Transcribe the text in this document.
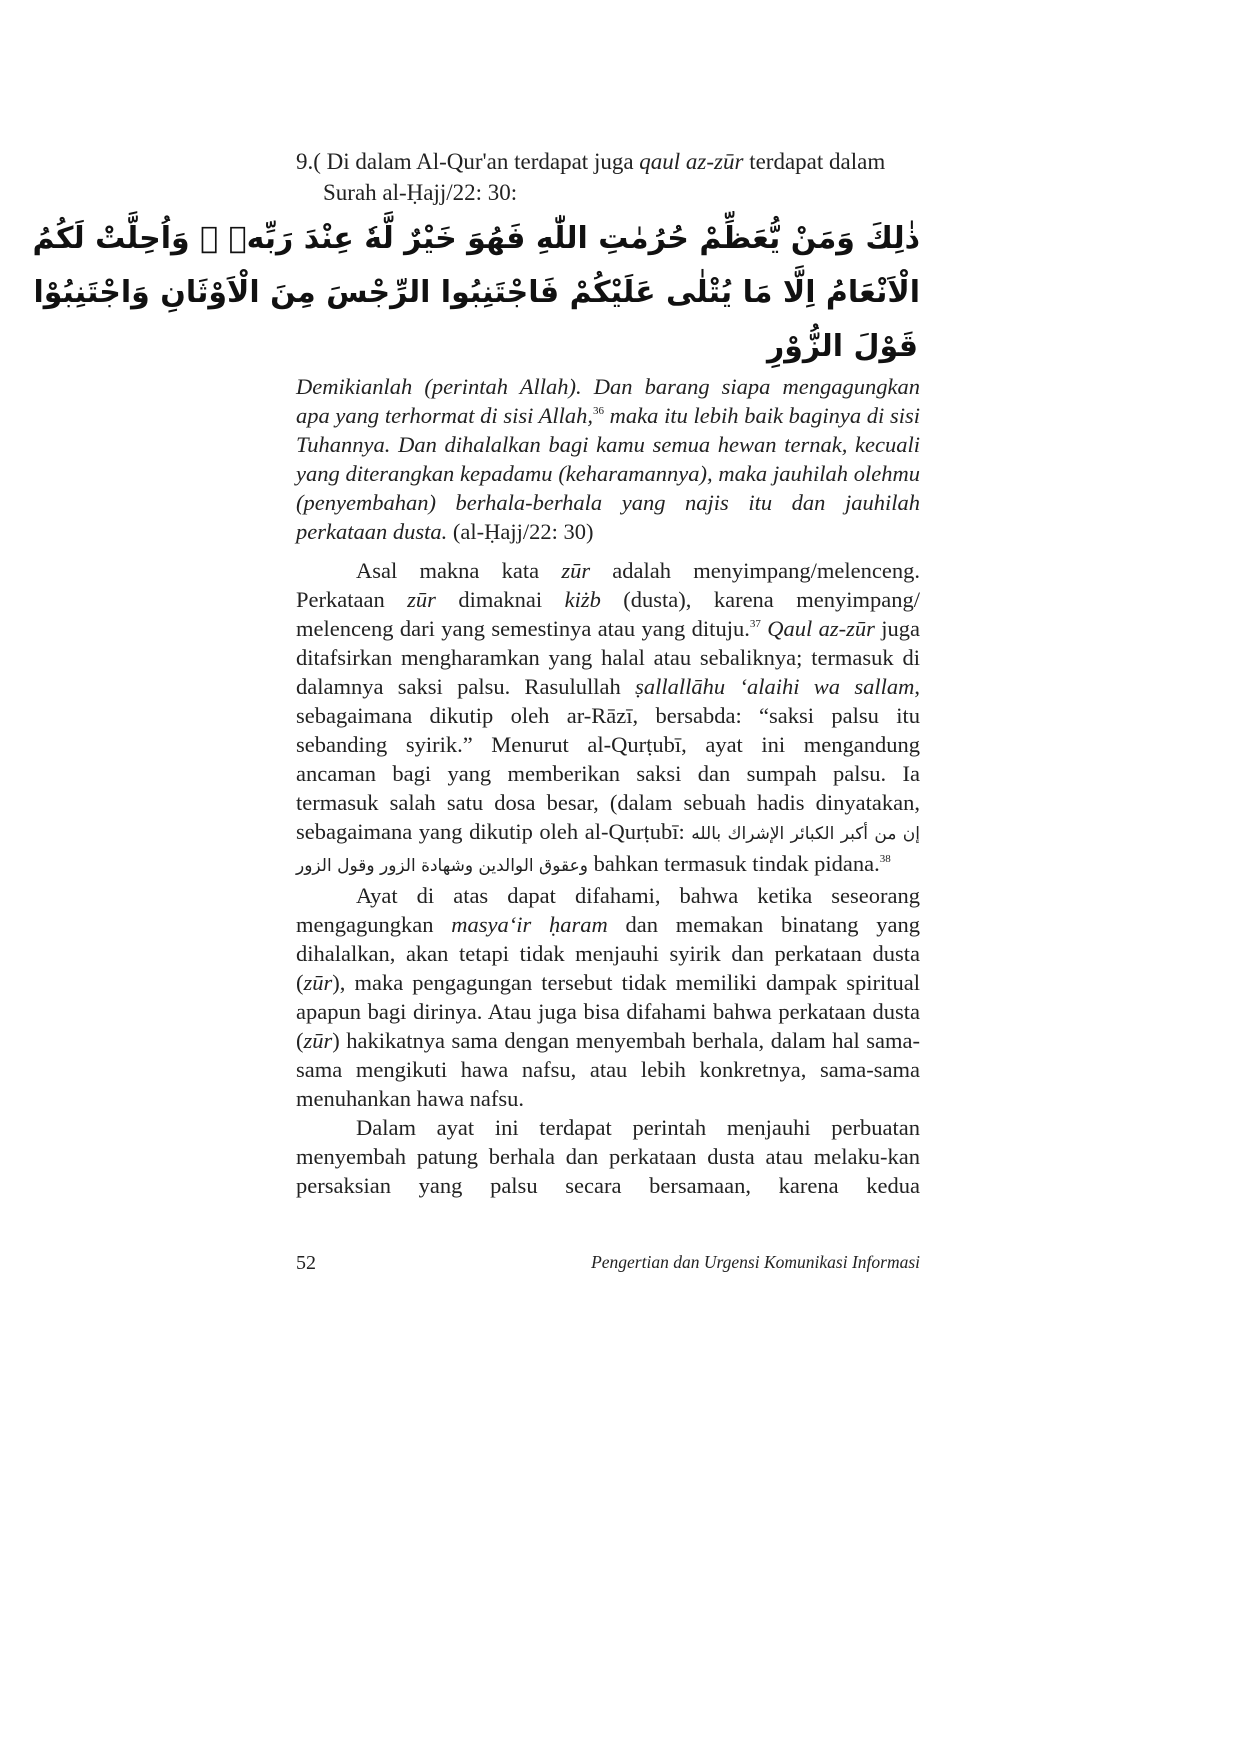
9.( Di dalam Al-Qur'an terdapat juga qaul az-zūr terdapat dalam
Surah al-Ḥajj/22: 30:
ذٰلِكَ وَمَنْ يُّعَظِّمْ حُرُمٰتِ اللّٰهِ فَهُوَ خَيْرٌ لَّهٗ عِنْدَ رَبِّهٖ ۗ وَاُحِلَّتْ لَكُمُ
الْاَنْعَامُ اِلَّا مَا يُتْلٰى عَلَيْكُمْ فَاجْتَنِبُوا الرِّجْسَ مِنَ الْاَوْثَانِ وَاجْتَنِبُوْا
قَوْلَ الزُّوْرِ

Demikianlah (perintah Allah). Dan barang siapa mengagungkan apa yang terhormat di sisi Allah,$^{36}$ maka itu lebih baik baginya di sisi Tuhannya. Dan dihalalkan bagi kamu semua hewan ternak, kecuali yang diterangkan kepadamu (keharamannya), maka jauhilah olehmu (penyembahan) berhala-berhala yang najis itu dan jauhilah perkataan dusta. (al-Ḥajj/22: 30)

Asal makna kata zūr adalah menyimpang/melenceng. Perkataan zūr dimaknai kiżb (dusta), karena menyimpang/ melenceng dari yang semestinya atau yang dituju.$^{37}$ Qaul az-zūr juga ditafsirkan mengharamkan yang halal atau sebaliknya; termasuk di dalamnya saksi palsu. Rasulullah ṣallallāhu ‘alaihi wa sallam, sebagaimana dikutip oleh ar-Rāzī, bersabda: “saksi palsu itu sebanding syirik.” Menurut al-Qurṭubī, ayat ini mengandung ancaman bagi yang memberikan saksi dan sumpah palsu. Ia termasuk salah satu dosa besar, (dalam sebuah hadis dinyatakan, sebagaimana yang dikutip oleh al-Qurṭubī: إن من أكبر الكبائر الإشراك بالله وعقوق الوالدين وشهادة الزور وقول الزور bahkan termasuk tindak pidana.$^{38}$

Ayat di atas dapat difahami, bahwa ketika seseorang mengagungkan masya‘ir ḥaram dan memakan binatang yang dihalalkan, akan tetapi tidak menjauhi syirik dan perkataan dusta (zūr), maka pengagungan tersebut tidak memiliki dampak spiritual apapun bagi dirinya. Atau juga bisa difahami bahwa perkataan dusta (zūr) hakikatnya sama dengan menyembah berhala, dalam hal sama-sama mengikuti hawa nafsu, atau lebih konkretnya, sama-sama menuhankan hawa nafsu.

Dalam ayat ini terdapat perintah menjauhi perbuatan menyembah patung berhala dan perkataan dusta atau melaku-kan persaksian yang palsu secara bersamaan, karena kedua

52	Pengertian dan Urgensi Komunikasi Informasi
